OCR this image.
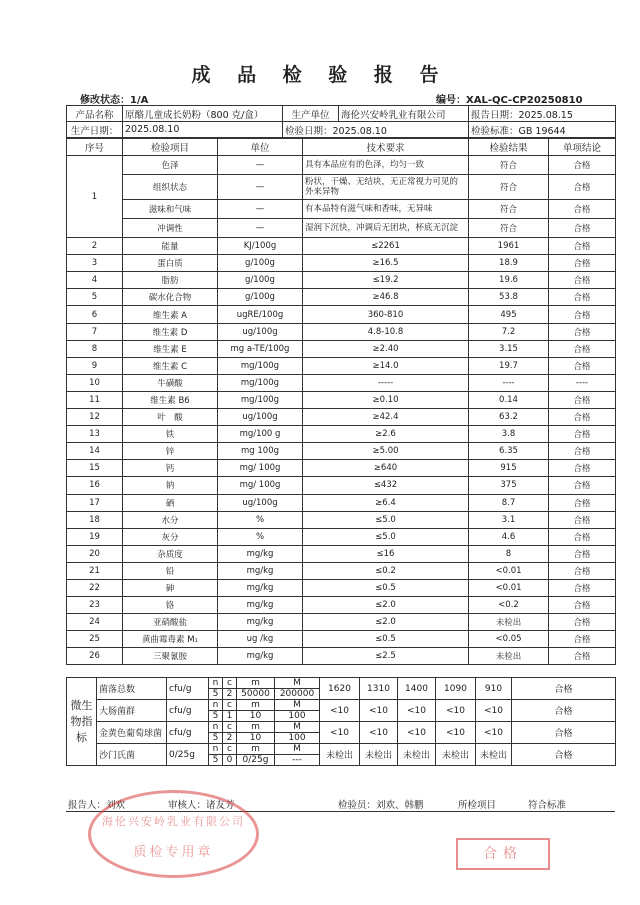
成 品 检 验 报 告
修改状态：1/A	编号：XAL-QC-CP20250810
产品名称	原酪儿童成长奶粉（800 克/盒）	生产单位	海伦兴安岭乳业有限公司	报告日期：2025.08.15
生产日期：	2025.08.10	检验日期：2025.08.10		检验标准：GB 19644
序号	检验项目	单位	技术要求	检验结果	单项结论
1	色泽	—	具有本品应有的色泽，均匀一致	符合	合格
	组织状态	—	粉状，干燥、无结块，无正常视力可见的外来异物	符合	合格
	滋味和气味	—	有本品特有滋气味和香味，无异味	符合	合格
	冲调性	—	湿润下沉快，冲调后无团块，杯底无沉淀	符合	合格
2	能量	KJ/100g	≤2261	1961	合格
3	蛋白质	g/100g	≥16.5	18.9	合格
4	脂肪	g/100g	≤19.2	19.6	合格
5	碳水化合物	g/100g	≥46.8	53.8	合格
6	维生素 A	ugRE/100g	360-810	495	合格
7	维生素 D	ug/100g	4.8-10.8	7.2	合格
8	维生素 E	mg a-TE/100g	≥2.40	3.15	合格
9	维生素 C	mg/100g	≥14.0	19.7	合格
10	牛磺酸	mg/100g	-----	----	----
11	维生素 B6	mg/100g	≥0.10	0.14	合格
12	叶　酸	ug/100g	≥42.4	63.2	合格
13	铁	mg/100 g	≥2.6	3.8	合格
14	锌	mg 100g	≥5.00	6.35	合格
15	钙	mg/ 100g	≥640	915	合格
16	钠	mg/ 100g	≤432	375	合格
17	硒	ug/100g	≥6.4	8.7	合格
18	水分	%	≤5.0	3.1	合格
19	灰分	%	≤5.0	4.6	合格
20	杂质度	mg/kg	≤16	8	合格
21	铅	mg/kg	≤0.2	<0.01	合格
22	砷	mg/kg	≤0.5	<0.01	合格
23	铬	mg/kg	≤2.0	<0.2	合格
24	亚硝酸盐	mg/kg	≤2.0	未检出	合格
25	黄曲霉毒素 M₁	ug /kg	≤0.5	<0.05	合格
26	三聚氰胺	mg/kg	≤2.5	未检出	合格
微生物指标	菌落总数	cfu/g	n	c	m	M	1620	1310	1400	1090	910	合格
			5	2	50000	200000						
	大肠菌群	cfu/g	n	c	m	M	<10	<10	<10	<10	<10	合格
			5	1	10	100						
	金黄色葡萄球菌	cfu/g	n	c	m	M	<10	<10	<10	<10	<10	合格
			5	2	10	100						
	沙门氏菌	0/25g	n	c	m	M	未检出	未检出	未检出	未检出	未检出	合格
			5	0	0/25g	---						
报告人：刘欢	审核人：诸友芳	检验员：刘欢、韩鹏	所检项目	符合标准
海伦兴安岭乳业有限公司
质检专用章	合格
